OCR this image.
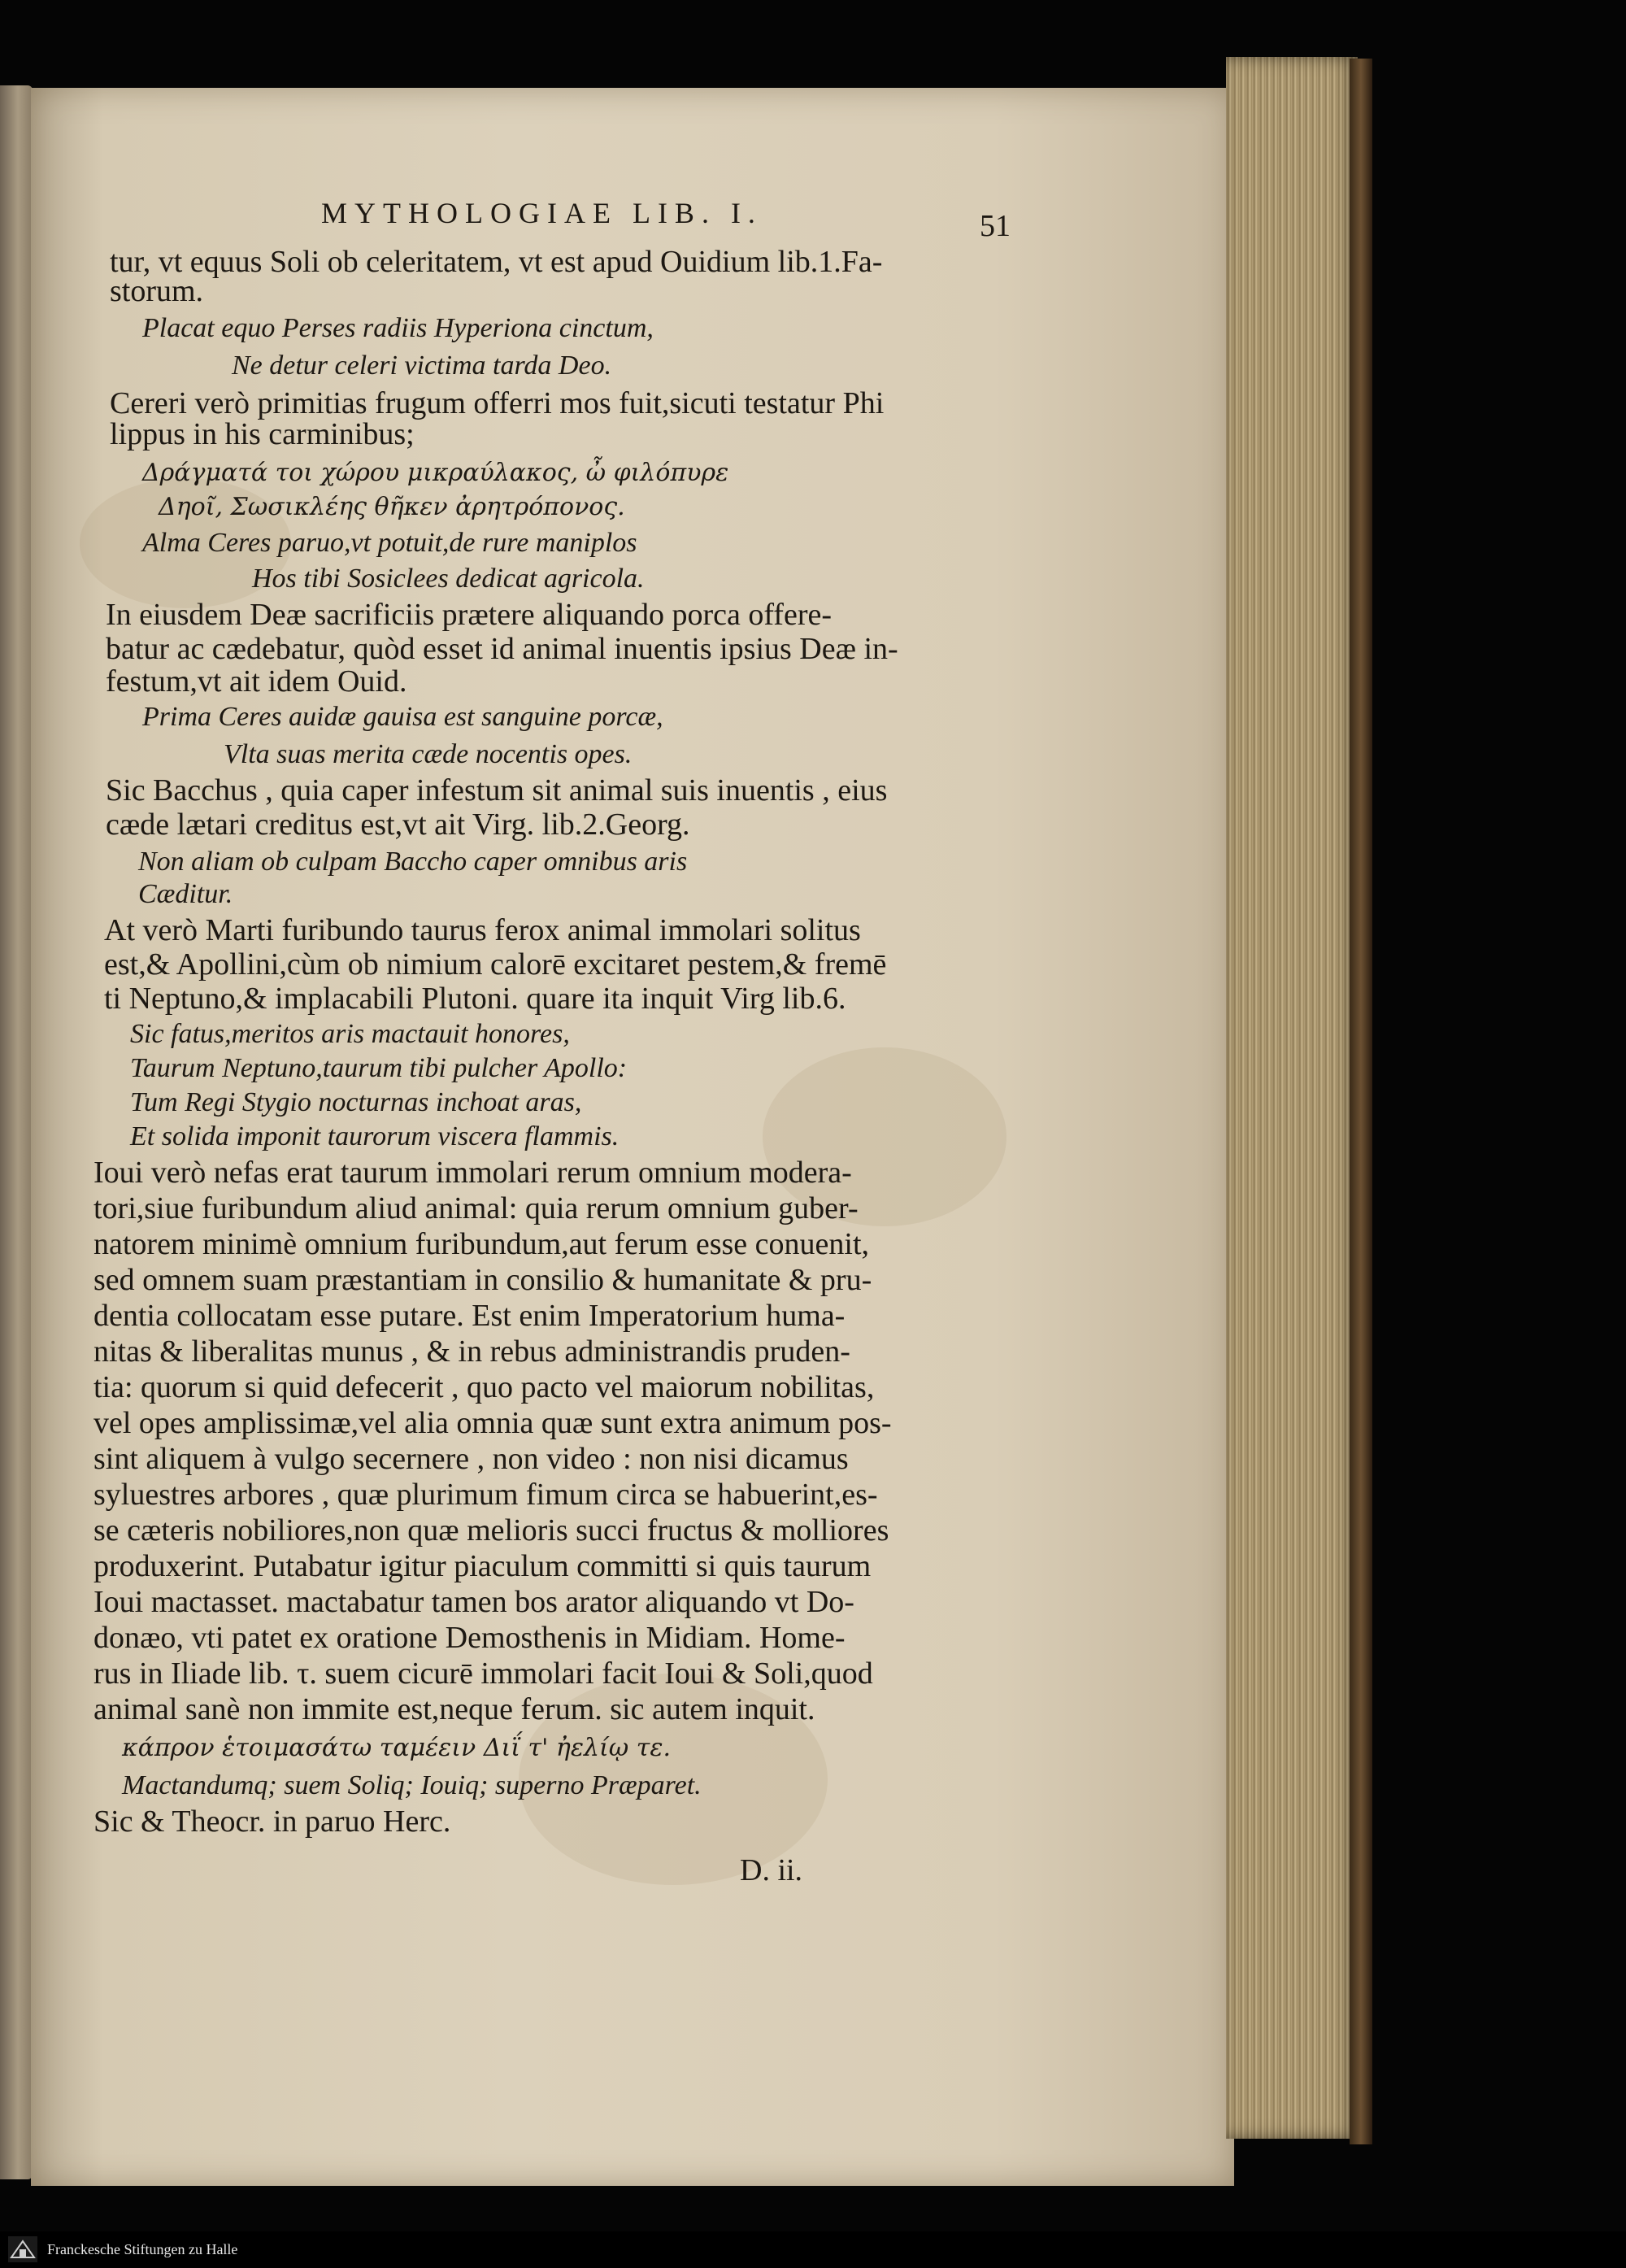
MYTHOLOGIAE LIB. I.	51
tur, vt equus Soli ob celeritatem, vt est apud Ouidium lib.1.Fa-
storum.
Placat equo Perses radiis Hyperiona cinctum,
Ne detur celeri victima tarda Deo.
Cereri verò primitias frugum offerri mos fuit,sicuti testatur Phi
lippus in his carminibus;
Δράγματά τοι χώρου μικραύλακος, ὦ φιλόπυρε
Δηοῖ, Σωσικλέης θῆκεν ἀρητρόπονος.
Alma Ceres paruo,vt potuit,de rure maniplos
Hos tibi Sosiclees dedicat agricola.
In eiusdem Deæ sacrificiis prætere aliquando porca offere-
batur ac cædebatur, quòd esset id animal inuentis ipsius Deæ in-
festum,vt ait idem Ouid.
Prima Ceres auidæ gauisa est sanguine porcæ,
Vlta suas merita cæde nocentis opes.
Sic Bacchus , quia caper infestum sit animal suis inuentis , eius
cæde lætari creditus est,vt ait Virg. lib.2.Georg.
Non aliam ob culpam Baccho caper omnibus aris
Cæditur.
At verò Marti furibundo taurus ferox animal immolari solitus
est,& Apollini,cùm ob nimium calorē excitaret pestem,& fremē
ti Neptuno,& implacabili Plutoni. quare ita inquit Virg lib.6.
Sic fatus,meritos aris mactauit honores,
Taurum Neptuno,taurum tibi pulcher Apollo:
Tum Regi Stygio nocturnas inchoat aras,
Et solida imponit taurorum viscera flammis.
Ioui verò nefas erat taurum immolari rerum omnium modera-
tori,siue furibundum aliud animal: quia rerum omnium guber-
natorem minimè omnium furibundum,aut ferum esse conuenit,
sed omnem suam præstantiam in consilio & humanitate & pru-
dentia collocatam esse putare. Est enim Imperatorium huma-
nitas & liberalitas munus , & in rebus administrandis pruden-
tia: quorum si quid defecerit , quo pacto vel maiorum nobilitas,
vel opes amplissimæ,vel alia omnia quæ sunt extra animum pos-
sint aliquem à vulgo secernere , non video : non nisi dicamus
syluestres arbores , quæ plurimum fimum circa se habuerint,es-
se cæteris nobiliores,non quæ melioris succi fructus & molliores
produxerint. Putabatur igitur piaculum committi si quis taurum
Ioui mactasset. mactabatur tamen bos arator aliquando vt Do-
donæo, vti patet ex oratione Demosthenis in Midiam. Home-
rus in Iliade lib. τ. suem cicurē immolari facit Ioui & Soli,quod
animal sanè non immite est,neque ferum. sic autem inquit.
κάπρον ἑτοιμασάτω ταμέειν Διΐ τ' ἠελίῳ τε.
Mactandumq; suem Soliq; Iouiq; superno Præparet.
Sic & Theocr. in paruo Herc.
D. ii.
Franckesche Stiftungen zu Halle
